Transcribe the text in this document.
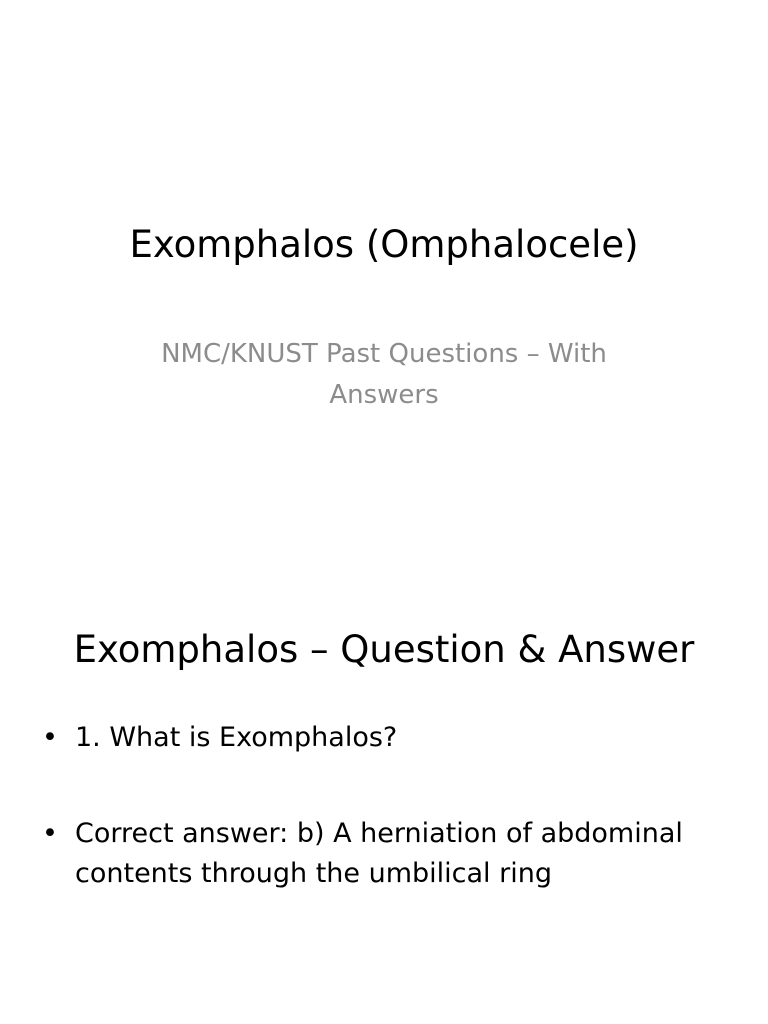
Exomphalos (Omphalocele)
NMC/KNUST Past Questions – With Answers
Exomphalos – Question & Answer
• 1. What is Exomphalos?
• Correct answer: b) A herniation of abdominal contents through the umbilical ring
